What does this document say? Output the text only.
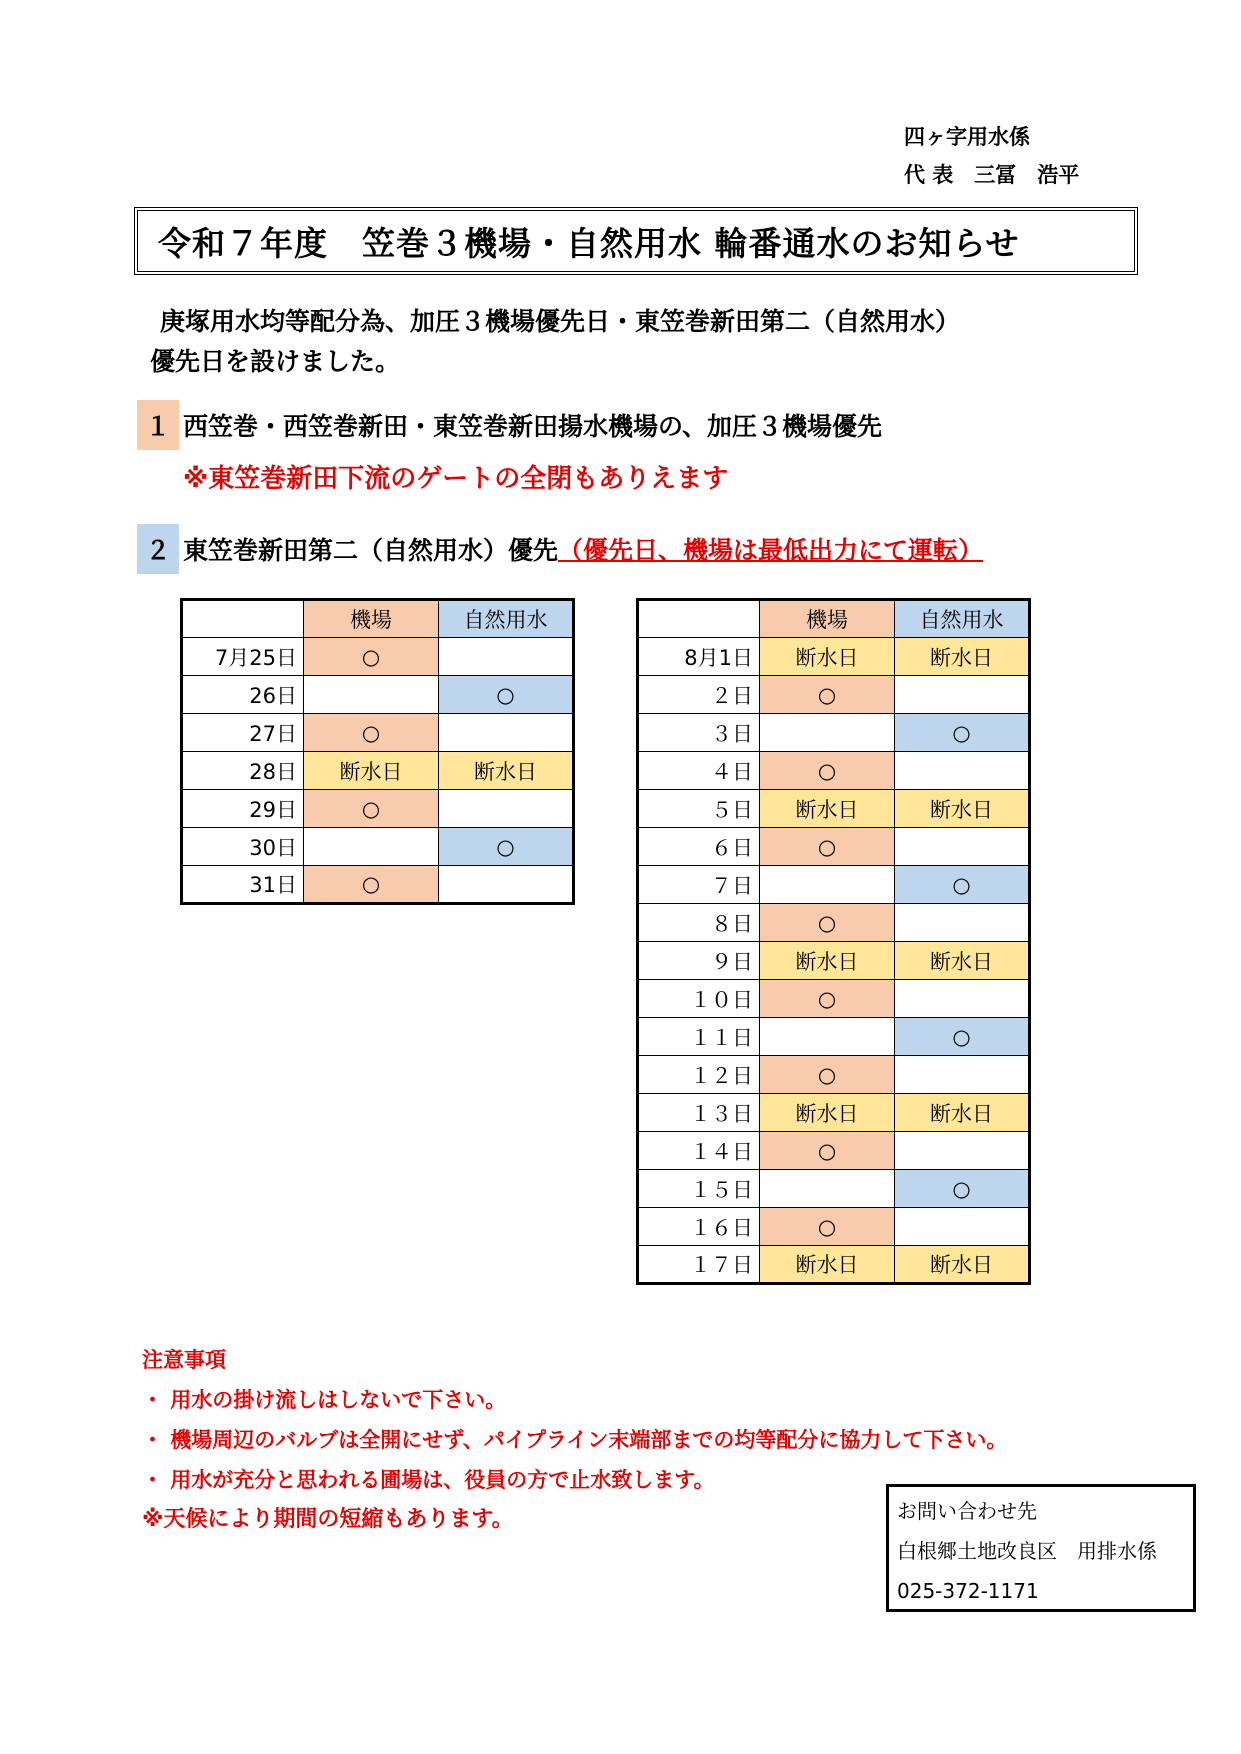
四ヶ字用水係
代 表　三冨　浩平
令和７年度　笠巻３機場・自然用水 輪番通水のお知らせ
庚塚用水均等配分為、加圧３機場優先日・東笠巻新田第二（自然用水）
優先日を設けました。
１ 西笠巻・西笠巻新田・東笠巻新田揚水機場の、加圧３機場優先
※東笠巻新田下流のゲートの全閉もありえます
２ 東笠巻新田第二（自然用水）優先 （優先日、機場は最低出力にて運転）
	機場	自然用水
7月25日	○	
26日		○
27日	○	
28日	断水日	断水日
29日	○	
30日		○
31日	○	
	機場	自然用水
8月1日	断水日	断水日
２日	○	
３日		○
４日	○	
５日	断水日	断水日
６日	○	
７日		○
８日	○	
９日	断水日	断水日
１０日	○	
１１日		○
１２日	○	
１３日	断水日	断水日
１４日	○	
１５日		○
１６日	○	
１７日	断水日	断水日
注意事項
・ 用水の掛け流しはしないで下さい。
・ 機場周辺のバルブは全開にせず、パイプライン末端部までの均等配分に協力して下さい。
・ 用水が充分と思われる圃場は、役員の方で止水致します。
※天候により期間の短縮もあります。	お問い合わせ先
白根郷土地改良区　用排水係
025-372-1171
